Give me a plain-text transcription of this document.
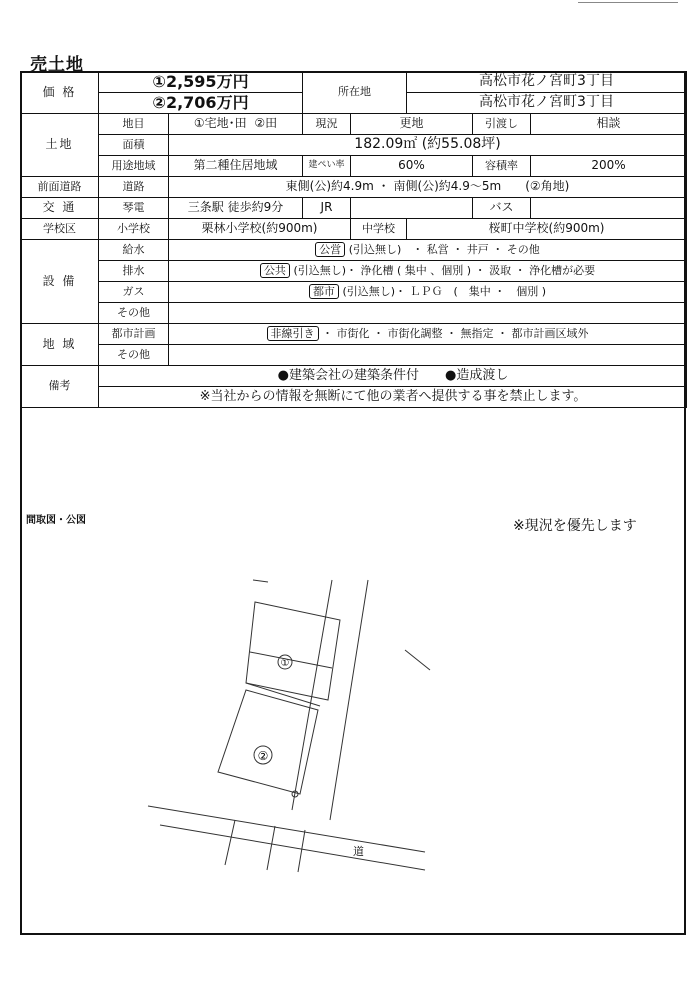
売土地
価 格	①2,595万円		所在地		高松市花ノ宮町3丁目		
	②2,706万円				高松市花ノ宮町3丁目		
土地	地目	①宅地･田 ②田	現況	更地		引渡し	相談
	面積	182.09㎡ (約55.08坪)					
	用途地域	第二種住居地域	建ぺい率	60%		容積率	200%
前面道路	道路	東側(公)約4.9m ・ 南側(公)約4.9～5m　　(②角地)					
交 通	琴電	三条駅 徒歩約9分	JR			バス	
学校区	小学校	栗林小学校(約900m)		中学校	桜町中学校(約900m)		
設 備	給水	公営 (引込無し)　・ 私営 ・ 井戸 ・ その他					
	排水	公共 (引込無し)・ 浄化槽 ( 集中 、個別 ) ・ 汲取 ・ 浄化槽が必要					
	ガス	都市 (引込無し)・ ＬＰＧ　(　集中 ・　個別 )					
	その他						
地 域	都市計画	非線引き ・ 市街化 ・ 市街化調整 ・ 無指定 ・ 都市計画区域外					
	その他						
備考	●建築会社の建築条件付　　●造成渡し						
	※当社からの情報を無断にて他の業者へ提供する事を禁止します。						
間取図・公図	※現況を優先します
①
②
道
